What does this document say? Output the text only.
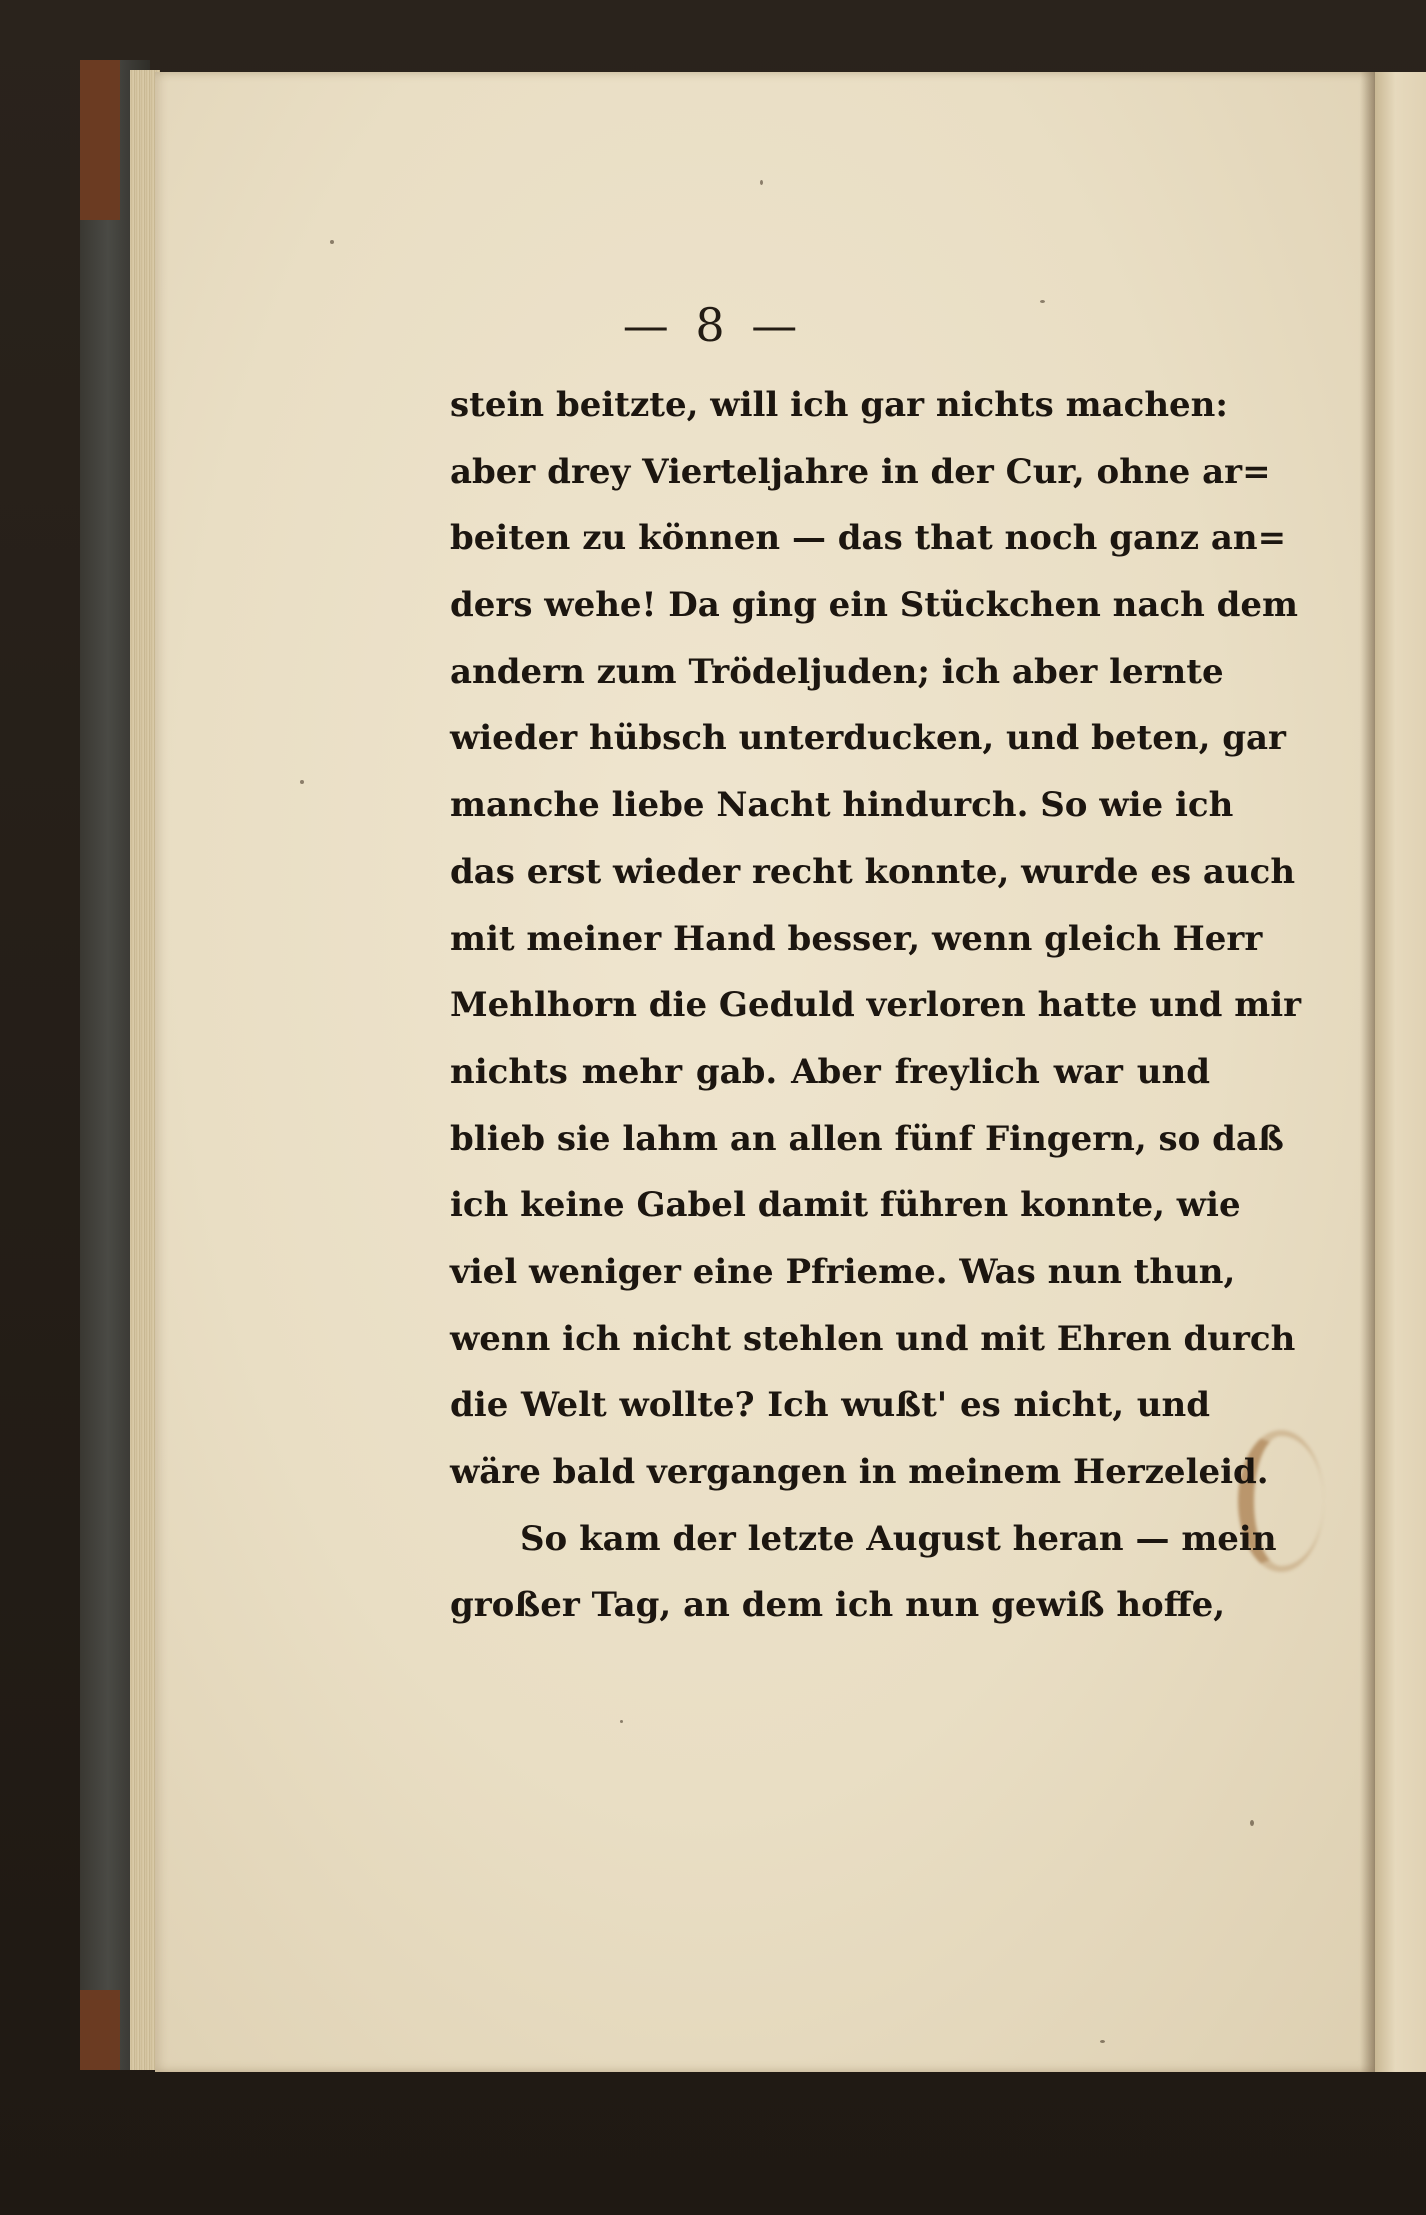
— 8 —
stein beitzte, will ich gar nichts machen:
aber drey Vierteljahre in der Cur, ohne ar=
beiten zu können — das that noch ganz an=
ders wehe! Da ging ein Stückchen nach dem
andern zum Trödeljuden; ich aber lernte
wieder hübsch unterducken, und beten, gar
manche liebe Nacht hindurch. So wie ich
das erst wieder recht konnte, wurde es auch
mit meiner Hand besser, wenn gleich Herr
Mehlhorn die Geduld verloren hatte und mir
nichts mehr gab. Aber freylich war und
blieb sie lahm an allen fünf Fingern, so daß
ich keine Gabel damit führen konnte, wie
viel weniger eine Pfrieme. Was nun thun,
wenn ich nicht stehlen und mit Ehren durch
die Welt wollte? Ich wußt' es nicht, und
wäre bald vergangen in meinem Herzeleid.
So kam der letzte August heran — mein
großer Tag, an dem ich nun gewiß hoffe,
